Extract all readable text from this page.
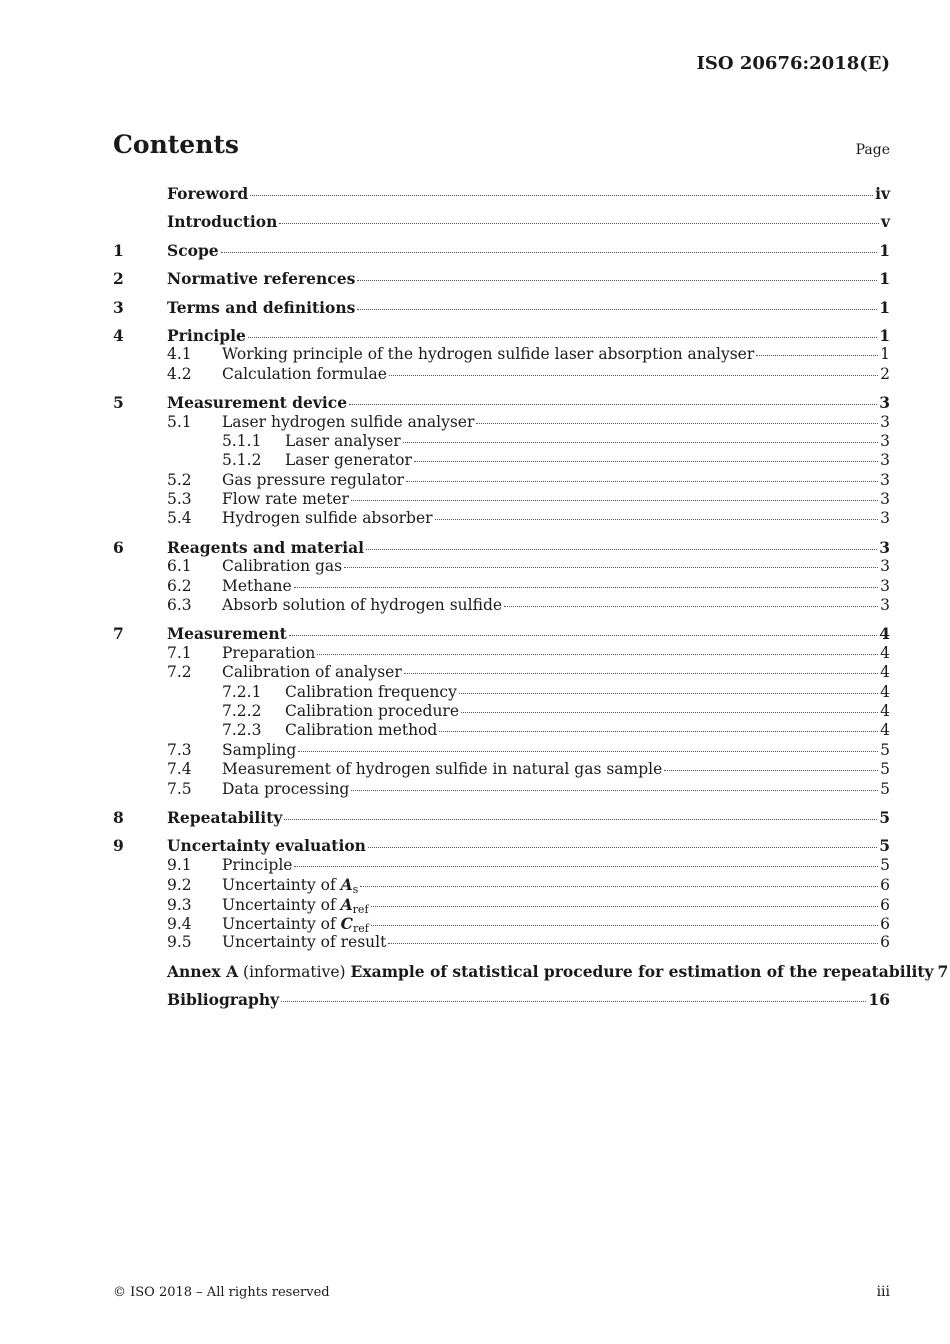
ISO 20676:2018(E)
Contents	Page
Foreword	iv
Introduction	v
1	Scope	1
2	Normative references	1
3	Terms and definitions	1
4	Principle	1
4.1	Working principle of the hydrogen sulfide laser absorption analyser	1
4.2	Calculation formulae	2
5	Measurement device	3
5.1	Laser hydrogen sulfide analyser	3
5.1.1	Laser analyser	3
5.1.2	Laser generator	3
5.2	Gas pressure regulator	3
5.3	Flow rate meter	3
5.4	Hydrogen sulfide absorber	3
6	Reagents and material	3
6.1	Calibration gas	3
6.2	Methane	3
6.3	Absorb solution of hydrogen sulfide	3
7	Measurement	4
7.1	Preparation	4
7.2	Calibration of analyser	4
7.2.1	Calibration frequency	4
7.2.2	Calibration procedure	4
7.2.3	Calibration method	4
7.3	Sampling	5
7.4	Measurement of hydrogen sulfide in natural gas sample	5
7.5	Data processing	5
8	Repeatability	5
9	Uncertainty evaluation	5
9.1	Principle	5
9.2	Uncertainty of $A_s$	6
9.3	Uncertainty of $A_{ref}$	6
9.4	Uncertainty of $C_{ref}$	6
9.5	Uncertainty of result	6
Annex A (informative) Example of statistical procedure for estimation of the repeatability 7
Bibliography	16
© ISO 2018 – All rights reserved	iii
